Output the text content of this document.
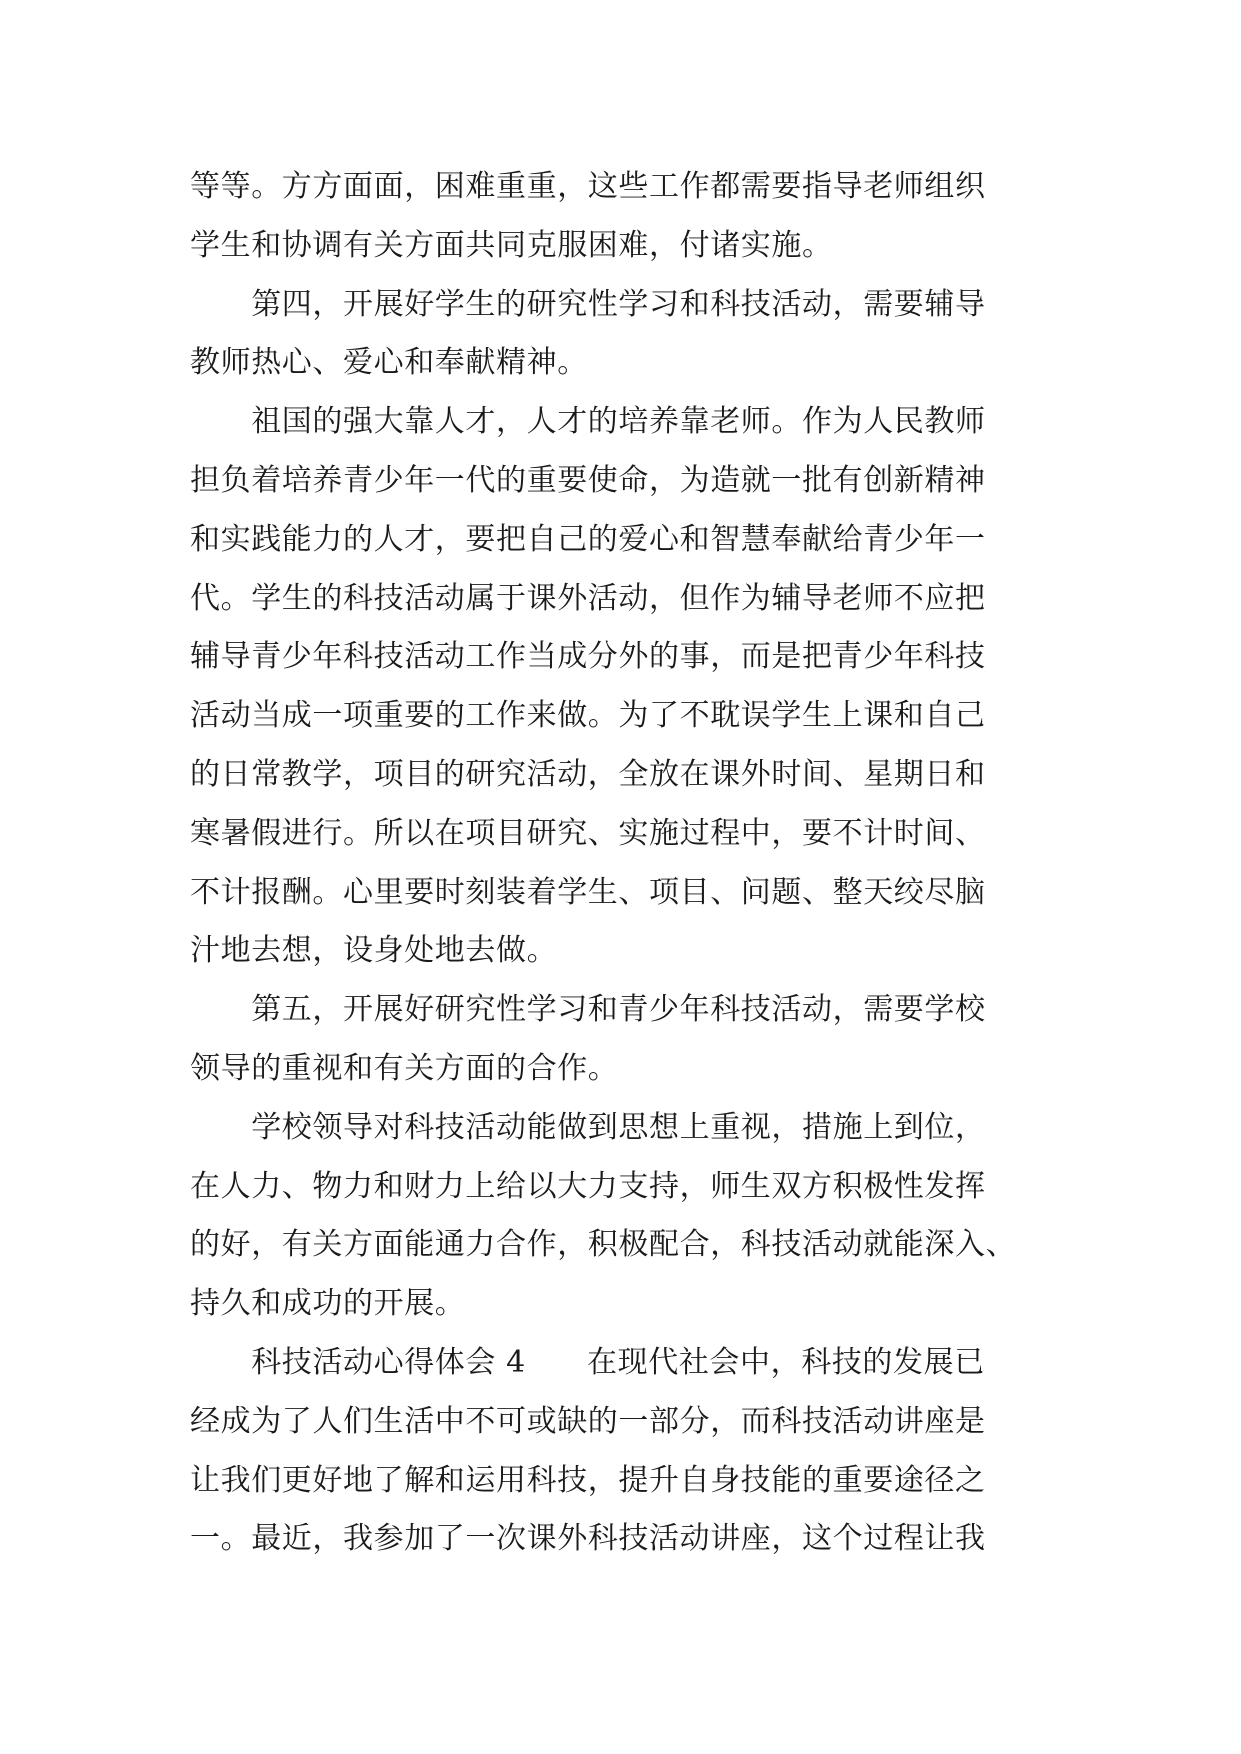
等等。方方面面，困难重重，这些工作都需要指导老师组织
学生和协调有关方面共同克服困难，付诸实施。
　　第四，开展好学生的研究性学习和科技活动，需要辅导
教师热心、爱心和奉献精神。
　　祖国的强大靠人才，人才的培养靠老师。作为人民教师
担负着培养青少年一代的重要使命，为造就一批有创新精神
和实践能力的人才，要把自己的爱心和智慧奉献给青少年一
代。学生的科技活动属于课外活动，但作为辅导老师不应把
辅导青少年科技活动工作当成分外的事，而是把青少年科技
活动当成一项重要的工作来做。为了不耽误学生上课和自己
的日常教学，项目的研究活动，全放在课外时间、星期日和
寒暑假进行。所以在项目研究、实施过程中，要不计时间、
不计报酬。心里要时刻装着学生、项目、问题、整天绞尽脑
汁地去想，设身处地去做。
　　第五，开展好研究性学习和青少年科技活动，需要学校
领导的重视和有关方面的合作。
　　学校领导对科技活动能做到思想上重视，措施上到位，
在人力、物力和财力上给以大力支持，师生双方积极性发挥
的好，有关方面能通力合作，积极配合，科技活动就能深入、
持久和成功的开展。
　　科技活动心得体会 4　　在现代社会中，科技的发展已
经成为了人们生活中不可或缺的一部分，而科技活动讲座是
让我们更好地了解和运用科技，提升自身技能的重要途径之
一。最近，我参加了一次课外科技活动讲座，这个过程让我
